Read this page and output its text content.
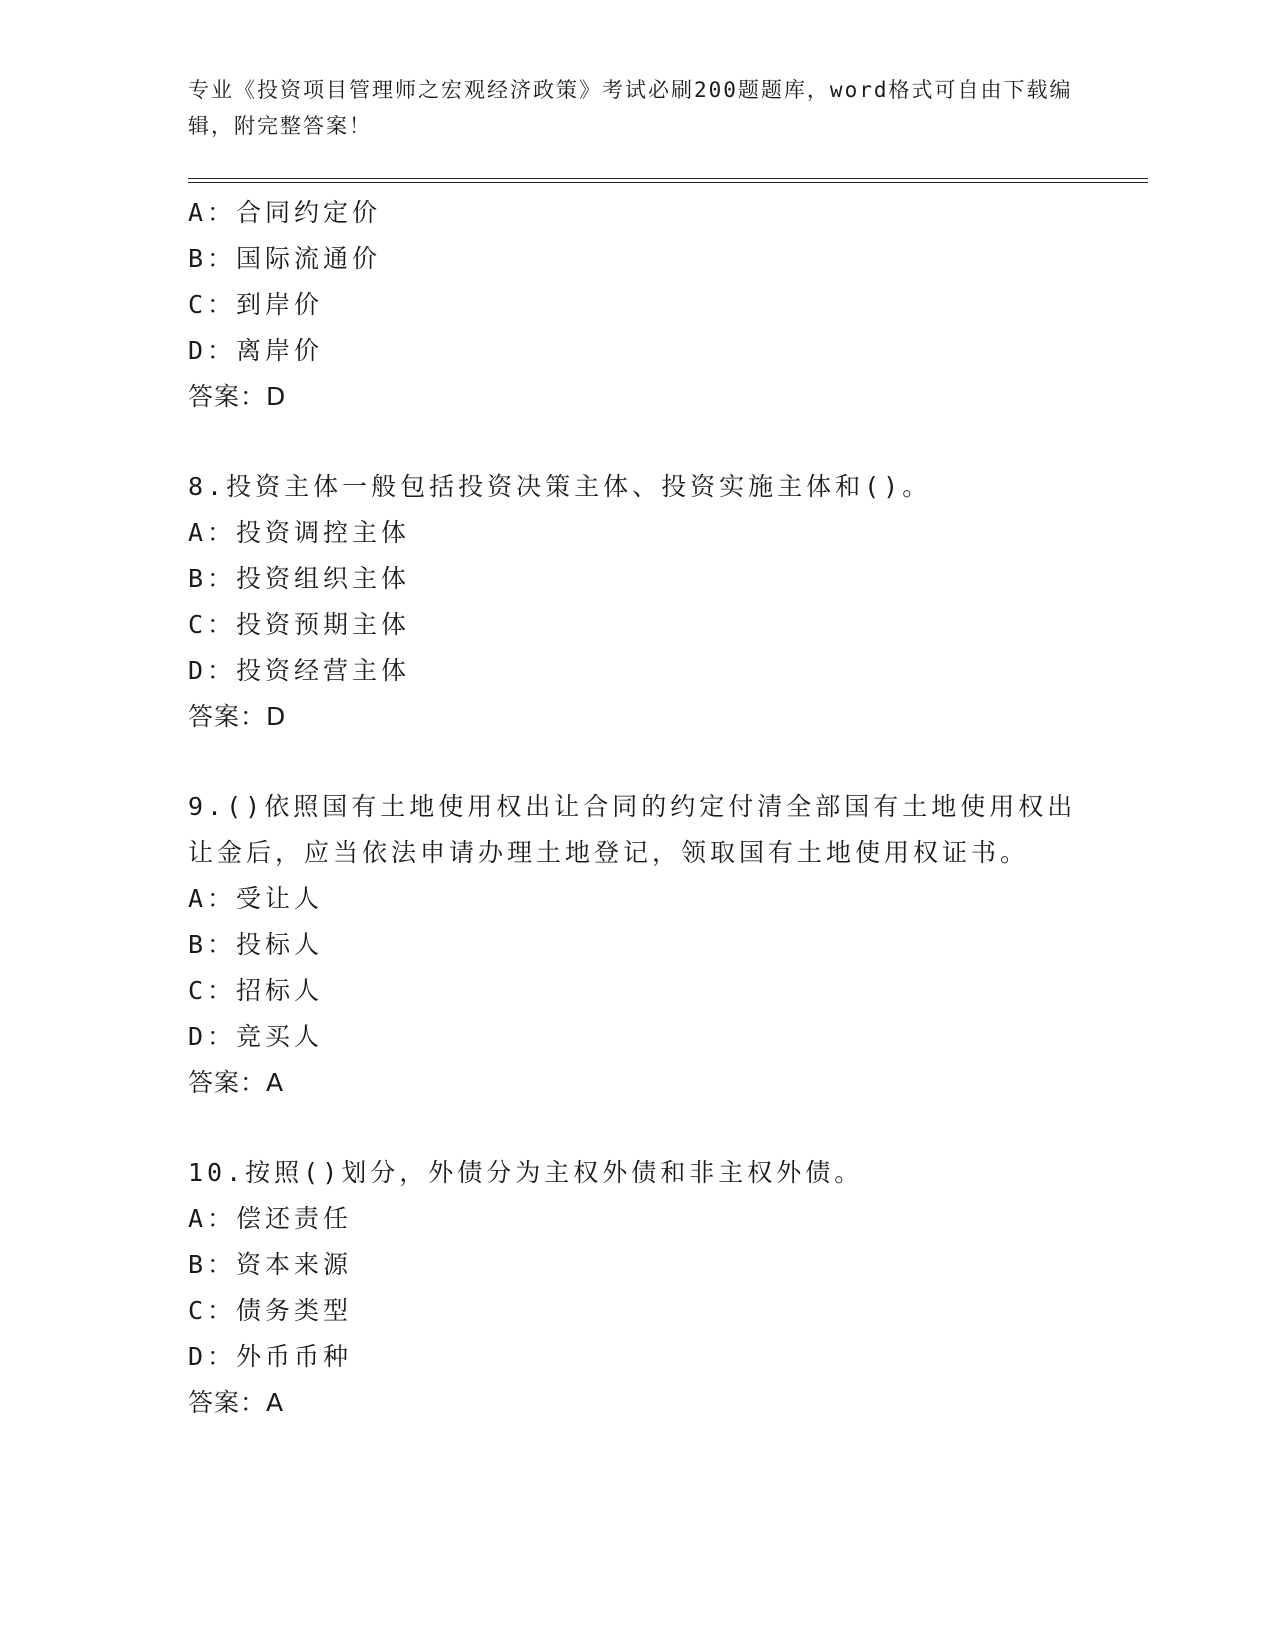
专业《投资项目管理师之宏观经济政策》考试必刷200题题库，word格式可自由下载编辑，附完整答案！
A：合同约定价
B：国际流通价
C：到岸价
D：离岸价
答案：D
8.投资主体一般包括投资决策主体、投资实施主体和()。
A：投资调控主体
B：投资组织主体
C：投资预期主体
D：投资经营主体
答案：D
9.()依照国有土地使用权出让合同的约定付清全部国有土地使用权出让金后，应当依法申请办理土地登记，领取国有土地使用权证书。
A：受让人
B：投标人
C：招标人
D：竞买人
答案：A
10.按照()划分，外债分为主权外债和非主权外债。
A：偿还责任
B：资本来源
C：债务类型
D：外币币种
答案：A
